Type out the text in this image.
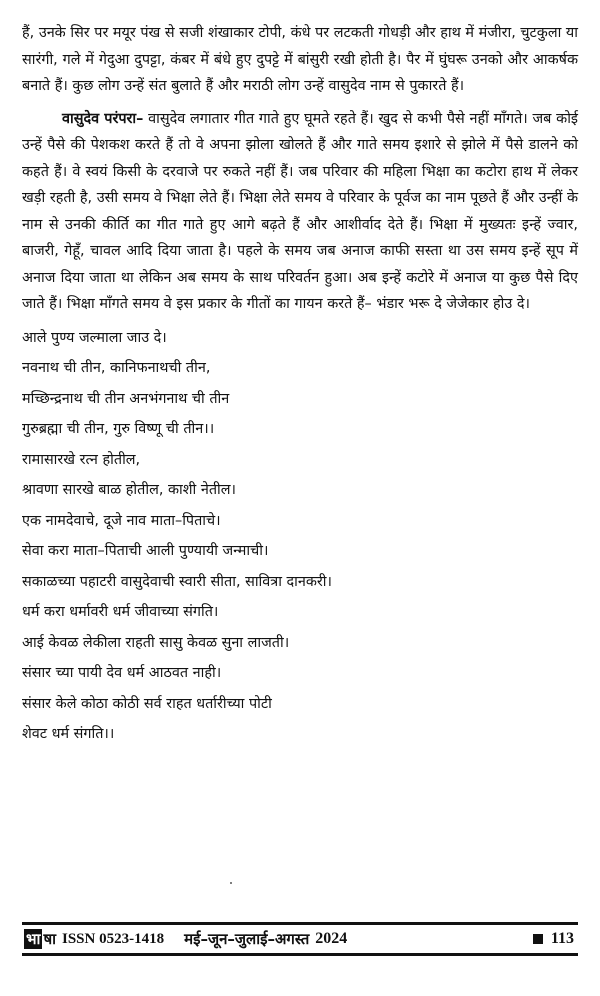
हैं, उनके सिर पर मयूर पंख से सजी शंखाकार टोपी, कंधे पर लटकती गोधड़ी और हाथ में मंजीरा, चुटकुला या सारंगी, गले में गेदुआ दुपट्टा, कंबर में बंधे हुए दुपट्टे में बांसुरी रखी होती है। पैर में घुंघरू उनको और आकर्षक बनाते हैं। कुछ लोग उन्हें संत बुलाते हैं और मराठी लोग उन्हें वासुदेव नाम से पुकारते हैं।

वासुदेव परंपरा– वासुदेव लगातार गीत गाते हुए घूमते रहते हैं। खुद से कभी पैसे नहीं माँगते। जब कोई उन्हें पैसे की पेशकश करते हैं तो वे अपना झोला खोलते हैं और गाते समय इशारे से झोले में पैसे डालने को कहते हैं। वे स्वयं किसी के दरवाजे पर रुकते नहीं हैं। जब परिवार की महिला भिक्षा का कटोरा हाथ में लेकर खड़ी रहती है, उसी समय वे भिक्षा लेते हैं। भिक्षा लेते समय वे परिवार के पूर्वज का नाम पूछते हैं और उन्हीं के नाम से उनकी कीर्ति का गीत गाते हुए आगे बढ़ते हैं और आशीर्वाद देते हैं। भिक्षा में मुख्यतः इन्हें ज्वार, बाजरी, गेहूँ, चावल आदि दिया जाता है। पहले के समय जब अनाज काफी सस्ता था उस समय इन्हें सूप में अनाज दिया जाता था लेकिन अब समय के साथ परिवर्तन हुआ। अब इन्हें कटोरे में अनाज या कुछ पैसे दिए जाते हैं। भिक्षा माँगते समय वे इस प्रकार के गीतों का गायन करते हैं– भंडार भरू दे जेजेकार होउ दे।

आले पुण्य जल्माला जाउ दे।
नवनाथ ची तीन, कानिफनाथची तीन,
मच्छिन्द्रनाथ ची तीन अनभंगनाथ ची तीन
गुरुब्रह्मा ची तीन, गुरु विष्णू ची तीन।।
रामासारखे रत्न होतील,
श्रावणा सारखे बाळ होतील, काशी नेतील।
एक नामदेवाचे, दूजे नाव माता–पिताचे।
सेवा करा माता–पिताची आली पुण्यायी जन्माची।
सकाळच्या पहाटरी वासुदेवाची स्वारी सीता, सावित्रा दानकरी।
धर्म करा धर्मावरी धर्म जीवाच्या संगति।
आई केवळ लेकीला राहती सासु केवळ सुना लाजती।
संसार च्या पायी देव धर्म आठवत नाही।
संसार केले कोठा कोठी सर्व राहत धर्तारीच्या पोटी
शेवट धर्म संगति।।
भा षा ISSN 0523-1418 मई–जून–जुलाई–अगस्त 2024	113
